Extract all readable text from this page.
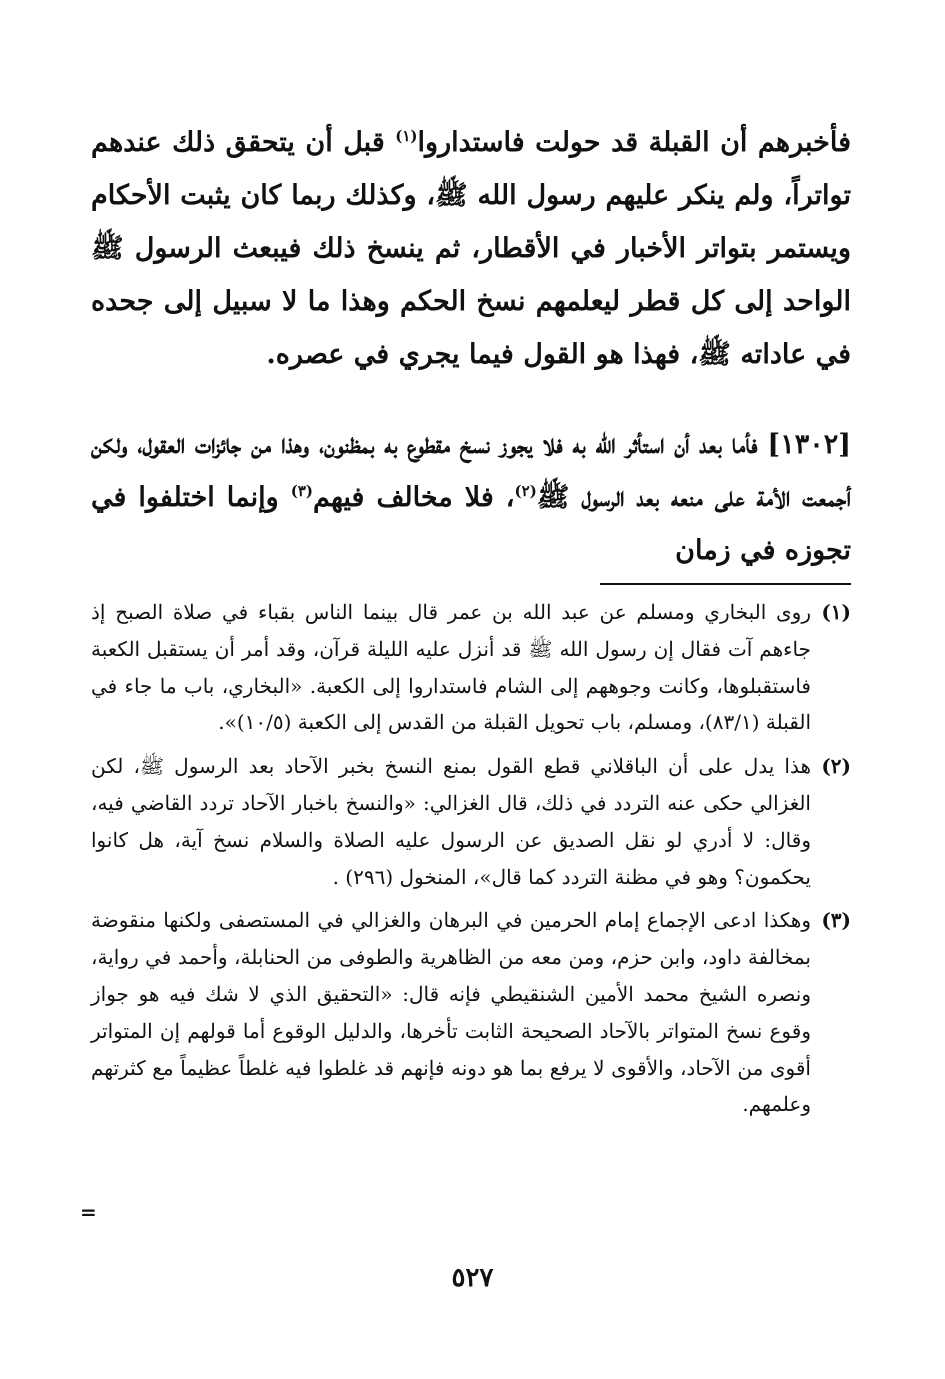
فأخبرهم أن القبلة قد حولت فاستداروا$^{(١)}$ قبل أن يتحقق ذلك عندهم تواتراً، ولم ينكر عليهم رسول الله ﷺ، وكذلك ربما كان يثبت الأحكام ويستمر بتواتر الأخبار في الأقطار، ثم ينسخ ذلك فيبعث الرسول ﷺ الواحد إلى كل قطر ليعلمهم نسخ الحكم وهذا ما لا سبيل إلى جحده في عاداته ﷺ، فهذا هو القول فيما يجري في عصره.

[١٣٠٢] فأما بعد أن استأثر الله به فلا يجوز نسخ مقطوع به بمظنون، وهذا من جائزات العقول، ولكن أجمعت الأمة على منعه بعد الرسول ﷺ$^{(٢)}$، فلا مخالف فيهم$^{(٣)}$ وإنما اختلفوا في تجوزه في زمان

(١)
روى البخاري ومسلم عن عبد الله بن عمر قال بينما الناس بقباء في صلاة الصبح إذ جاءهم آت فقال إن رسول الله ﷺ قد أنزل عليه الليلة قرآن، وقد أمر أن يستقبل الكعبة فاستقبلوها، وكانت وجوههم إلى الشام فاستداروا إلى الكعبة. «البخاري، باب ما جاء في القبلة (٨٣/١)، ومسلم، باب تحويل القبلة من القدس إلى الكعبة (١٠/٥)».
(٢)
هذا يدل على أن الباقلاني قطع القول بمنع النسخ بخبر الآحاد بعد الرسول ﷺ، لكن الغزالي حكى عنه التردد في ذلك، قال الغزالي: «والنسخ باخبار الآحاد تردد القاضي فيه، وقال: لا أدري لو نقل الصديق عن الرسول عليه الصلاة والسلام نسخ آية، هل كانوا يحكمون؟ وهو في مظنة التردد كما قال»، المنخول (٢٩٦) .
(٣)
وهكذا ادعى الإجماع إمام الحرمين في البرهان والغزالي في المستصفى ولكنها منقوضة بمخالفة داود، وابن حزم، ومن معه من الظاهرية والطوفى من الحنابلة، وأحمد في رواية، ونصره الشيخ محمد الأمين الشنقيطي فإنه قال: «التحقيق الذي لا شك فيه هو جواز وقوع نسخ المتواتر بالآحاد الصحيحة الثابت تأخرها، والدليل الوقوع أما قولهم إن المتواتر أقوى من الآحاد، والأقوى لا يرفع بما هو دونه فإنهم قد غلطوا فيه غلطاً عظيماً مع كثرتهم وعلمهم.
=
٥٢٧
